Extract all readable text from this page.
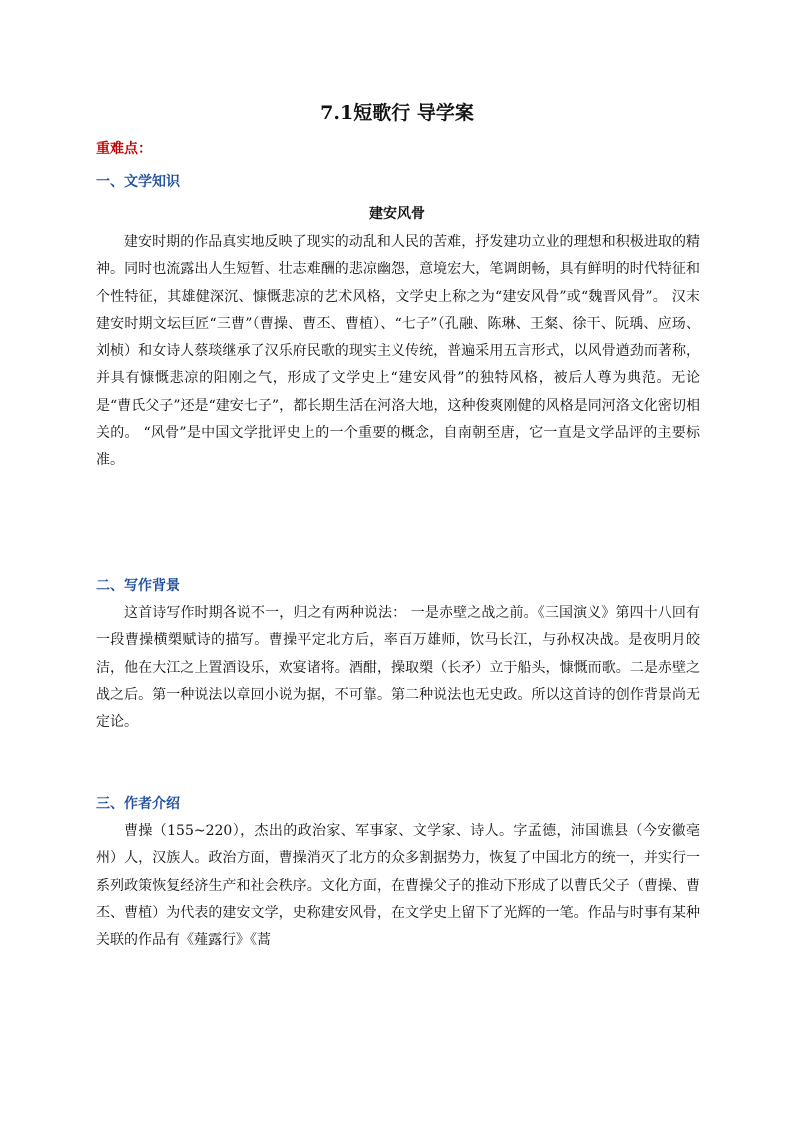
7.1短歌行 导学案
重难点：
一、文学知识
建安风骨

建安时期的作品真实地反映了现实的动乱和人民的苦难，抒发建功立业的理想和积极进取的精神。同时也流露出人生短暂、壮志难酬的悲凉幽怨，意境宏大，笔调朗畅，具有鲜明的时代特征和个性特征，其雄健深沉、慷慨悲凉的艺术风格，文学史上称之为“建安风骨”或“魏晋风骨”。 汉末建安时期文坛巨匠“三曹”（曹操、曹丕、曹植）、“七子”（孔融、陈琳、王粲、徐干、阮瑀、应玚、刘桢）和女诗人蔡琰继承了汉乐府民歌的现实主义传统，普遍采用五言形式，以风骨遒劲而著称，并具有慷慨悲凉的阳刚之气，形成了文学史上“建安风骨”的独特风格，被后人尊为典范。无论是“曹氏父子”还是“建安七子”，都长期生活在河洛大地，这种俊爽刚健的风格是同河洛文化密切相关的。 “风骨”是中国文学批评史上的一个重要的概念，自南朝至唐，它一直是文学品评的主要标准。

二、写作背景

这首诗写作时期各说不一，归之有两种说法： 一是赤壁之战之前。《三国演义》第四十八回有一段曹操横槊赋诗的描写。曹操平定北方后，率百万雄师，饮马长江，与孙权决战。是夜明月皎洁，他在大江之上置酒设乐，欢宴诸将。酒酣，操取槊（长矛）立于船头，慷慨而歌。二是赤壁之战之后。第一种说法以章回小说为据，不可靠。第二种说法也无史政。所以这首诗的创作背景尚无定论。

三、作者介绍

曹操（155~220），杰出的政治家、军事家、文学家、诗人。字孟德，沛国谯县（今安徽亳州）人，汉族人。政治方面，曹操消灭了北方的众多割据势力，恢复了中国北方的统一，并实行一系列政策恢复经济生产和社会秩序。文化方面，在曹操父子的推动下形成了以曹氏父子（曹操、曹丕、曹植）为代表的建安文学，史称建安风骨，在文学史上留下了光辉的一笔。作品与时事有某种关联的作品有《薤露行》《蒿
